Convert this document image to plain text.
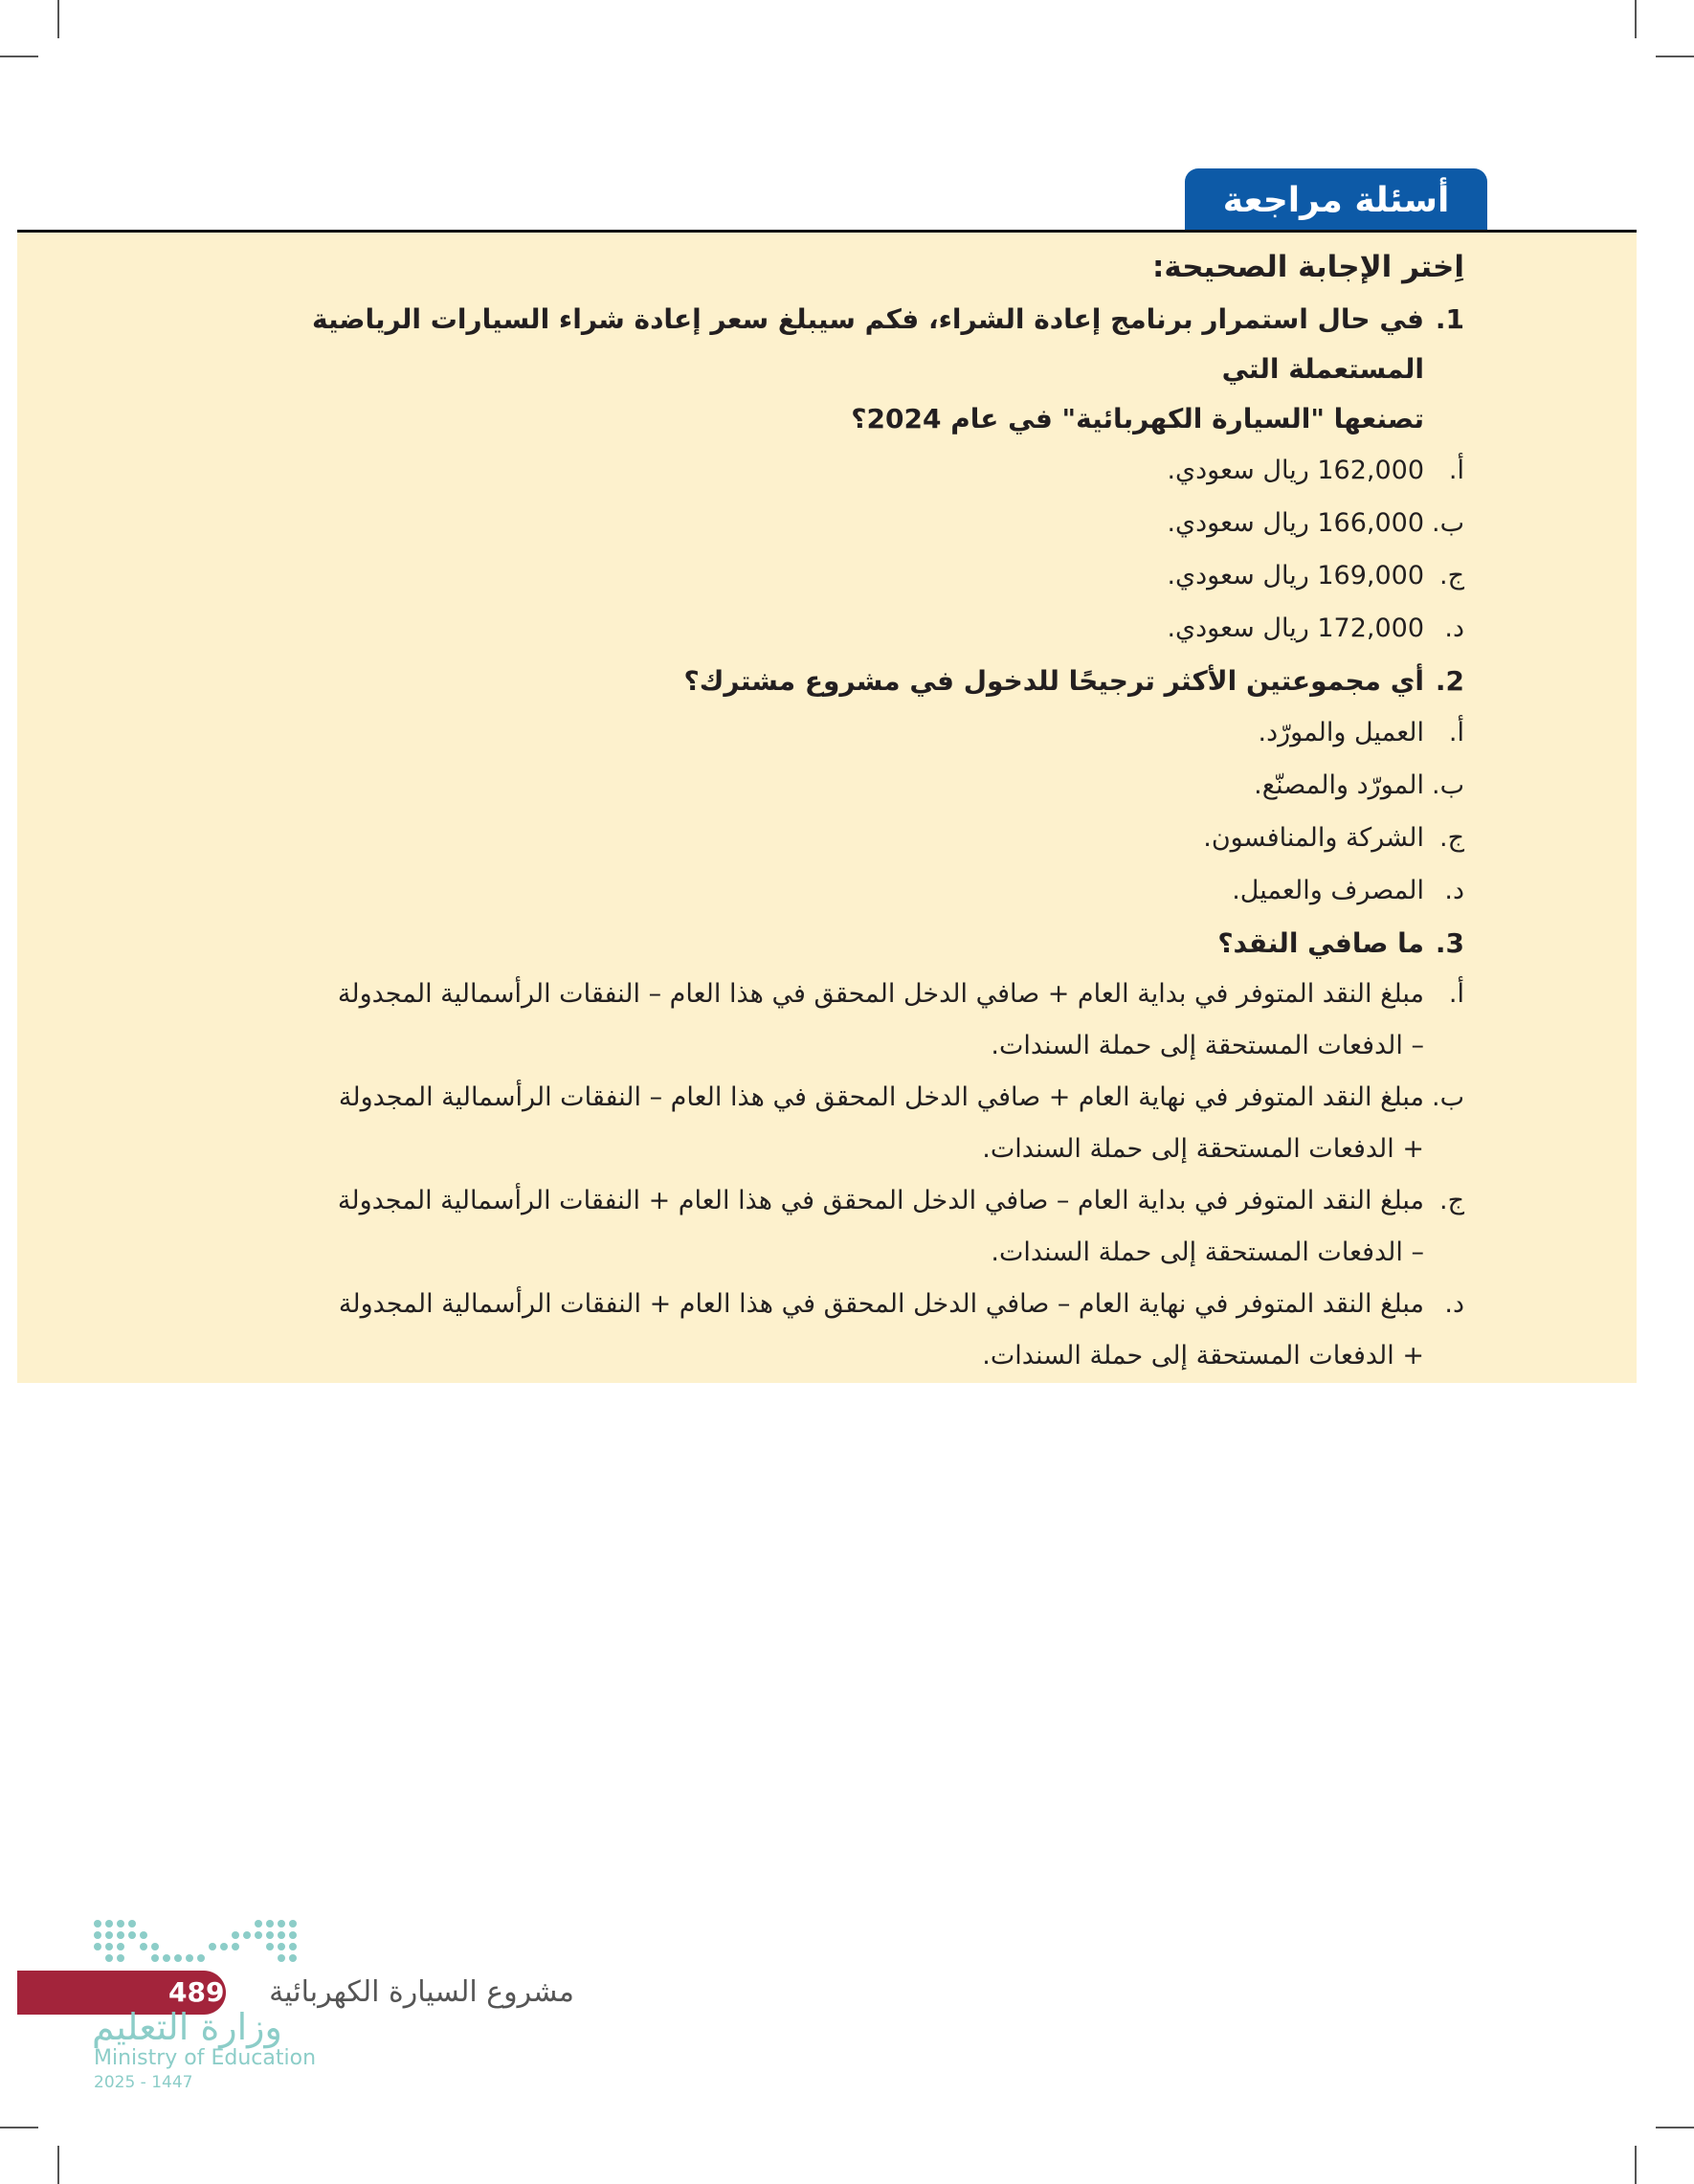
أسئلة مراجعة
اِختر الإجابة الصحيحة:
1.

في حال استمرار برنامج إعادة الشراء، فكم سيبلغ سعر إعادة شراء السيارات الرياضية المستعملة التي

تصنعها "السيارة الكهربائية" في عام 2024؟

أ.
162,000 ريال سعودي.
ب.
166,000 ريال سعودي.
ج.
169,000 ريال سعودي.
د.
172,000 ريال سعودي.
2.

أي مجموعتين الأكثر ترجيحًا للدخول في مشروع مشترك؟

أ.
العميل والمورّد.
ب.
المورّد والمصنّع.
ج.
الشركة والمنافسون.
د.
المصرف والعميل.
3.

ما صافي النقد؟

أ.

مبلغ النقد المتوفر في بداية العام + صافي الدخل المحقق في هذا العام – النفقات الرأسمالية المجدولة

– الدفعات المستحقة إلى حملة السندات.

ب.

مبلغ النقد المتوفر في نهاية العام + صافي الدخل المحقق في هذا العام – النفقات الرأسمالية المجدولة

+ الدفعات المستحقة إلى حملة السندات.

ج.

مبلغ النقد المتوفر في بداية العام – صافي الدخل المحقق في هذا العام + النفقات الرأسمالية المجدولة

– الدفعات المستحقة إلى حملة السندات.

د.

مبلغ النقد المتوفر في نهاية العام – صافي الدخل المحقق في هذا العام + النفقات الرأسمالية المجدولة

+ الدفعات المستحقة إلى حملة السندات.

489	مشروع السيارة الكهربائية
وزارة التعليم
Ministry of Education
2025 - 1447
